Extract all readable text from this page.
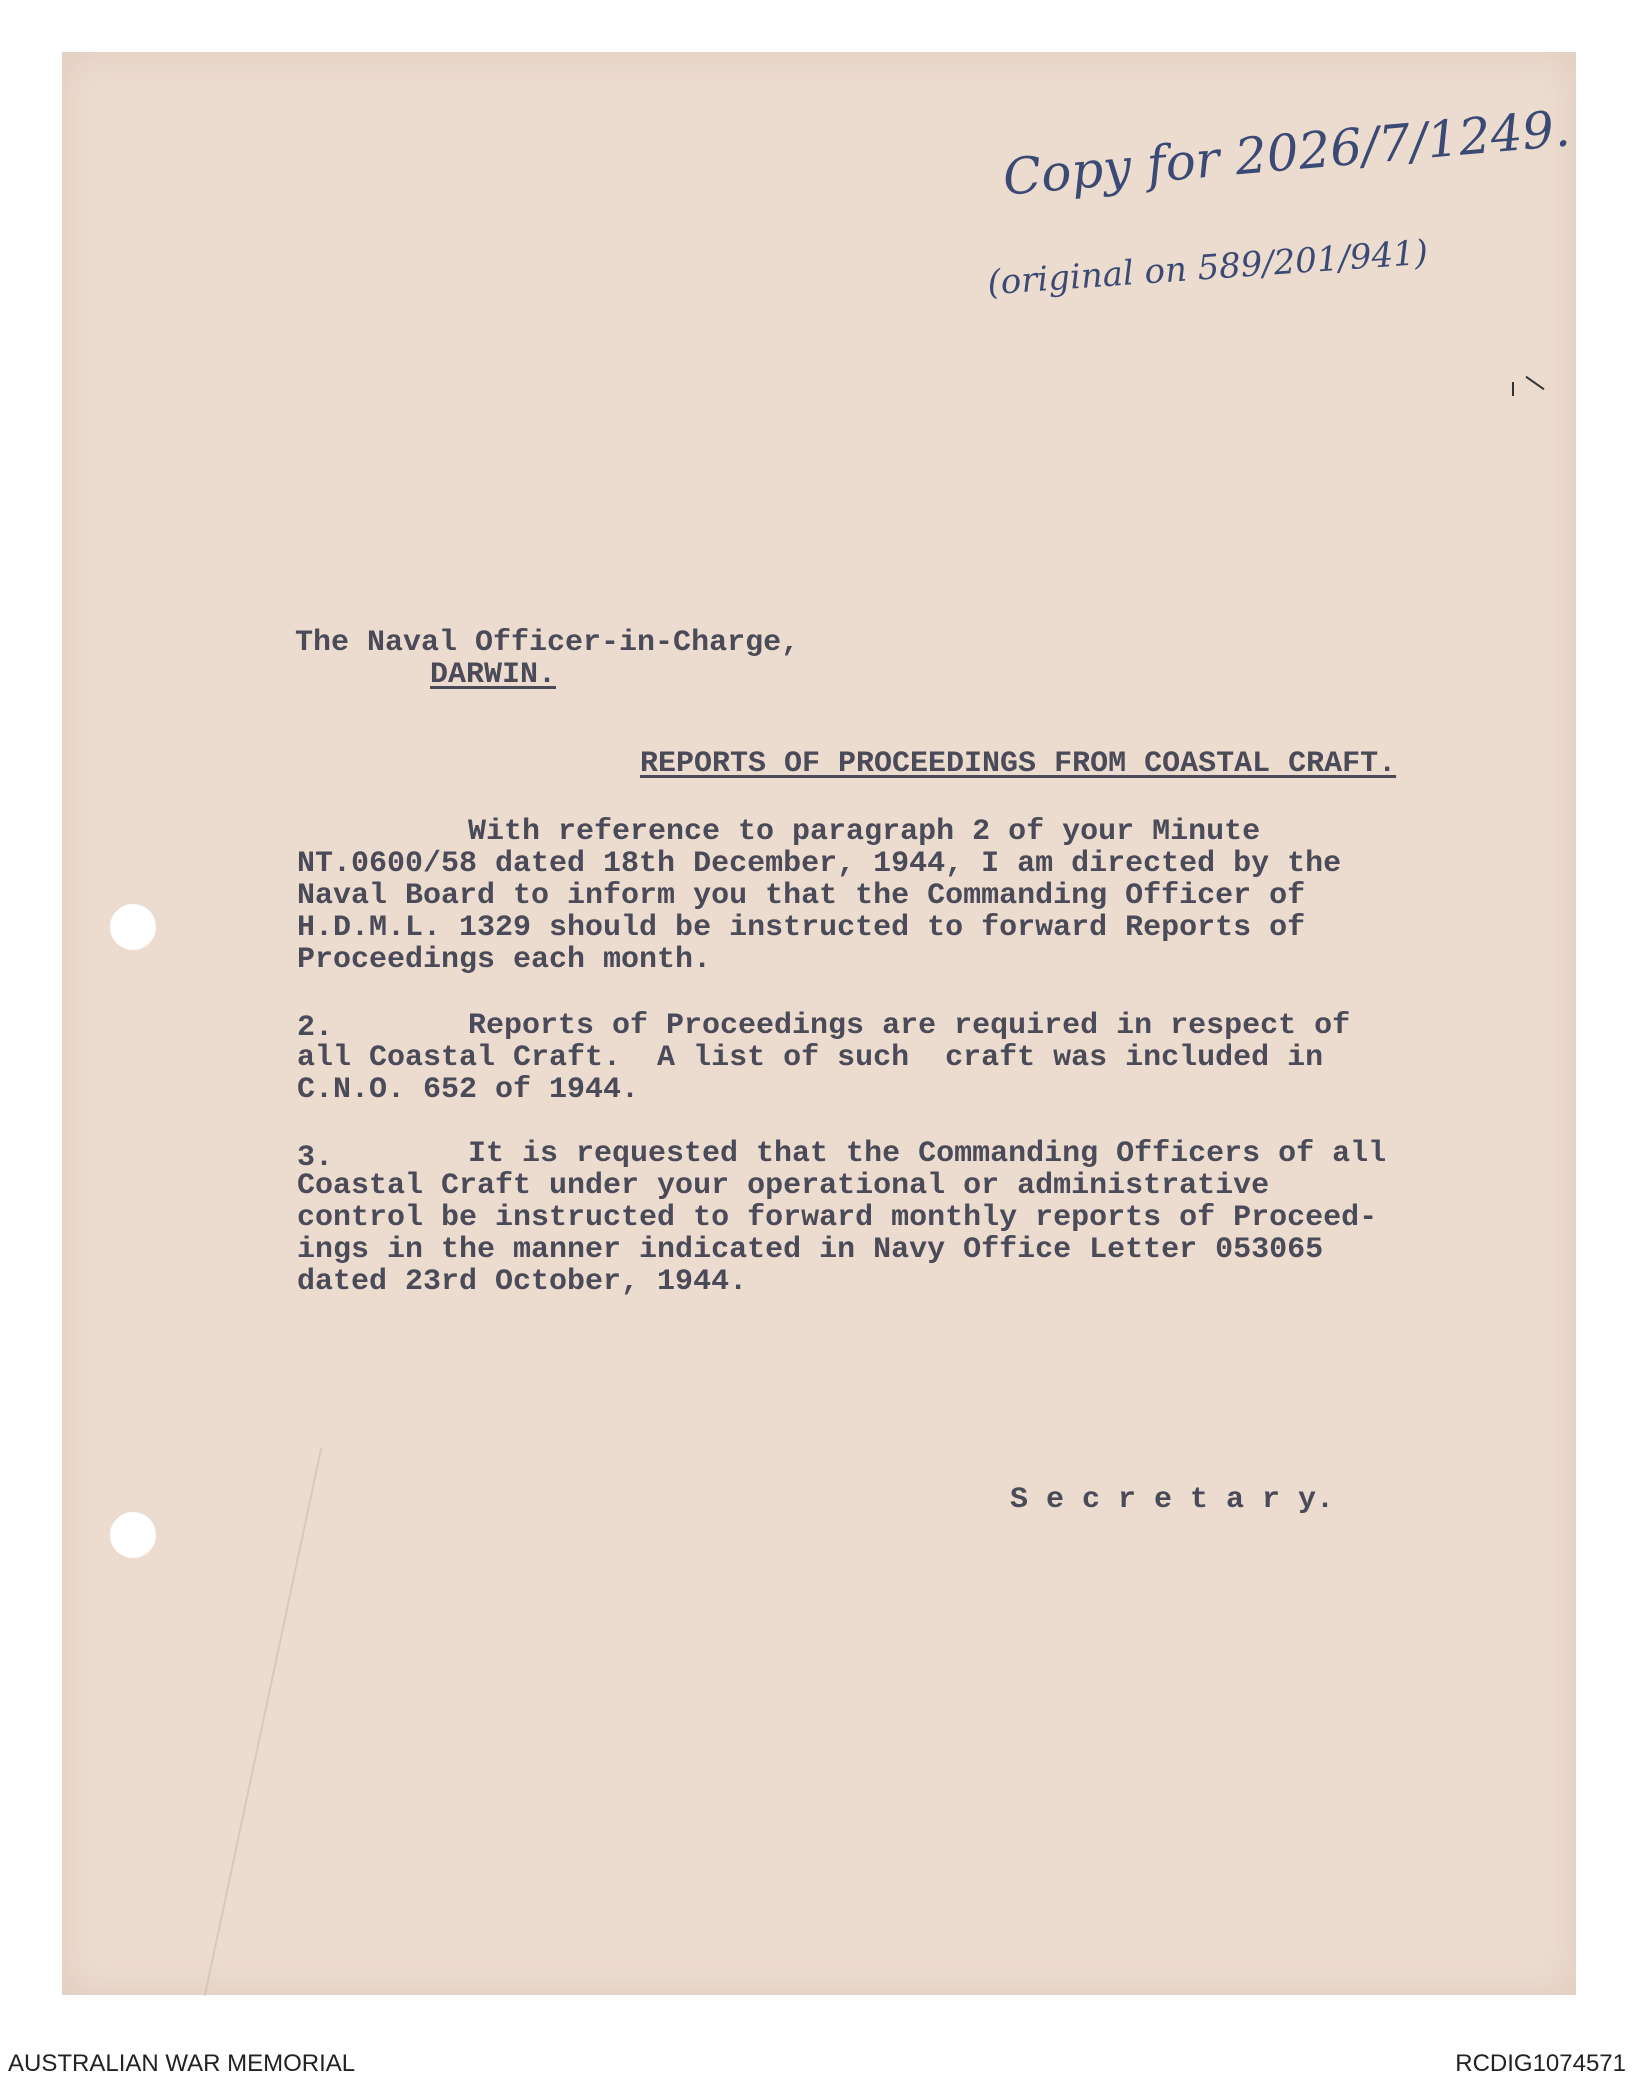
Copy for 2026/7/1249.
(original on 589/201/941)
The Naval Officer-in-Charge,
DARWIN.
REPORTS OF PROCEEDINGS FROM COASTAL CRAFT.
With reference to paragraph 2 of your Minute
NT.0600/58 dated 18th December, 1944, I am directed by the
Naval Board to inform you that the Commanding Officer of
H.D.M.L. 1329 should be instructed to forward Reports of
Proceedings each month.
2.	Reports of Proceedings are required in respect of
all Coastal Craft.  A list of such  craft was included in
C.N.O. 652 of 1944.
3.	It is requested that the Commanding Officers of all
Coastal Craft under your operational or administrative
control be instructed to forward monthly reports of Proceed-
ings in the manner indicated in Navy Office Letter 053065
dated 23rd October, 1944.
S e c r e t a r y.
AUSTRALIAN WAR MEMORIAL	RCDIG1074571
